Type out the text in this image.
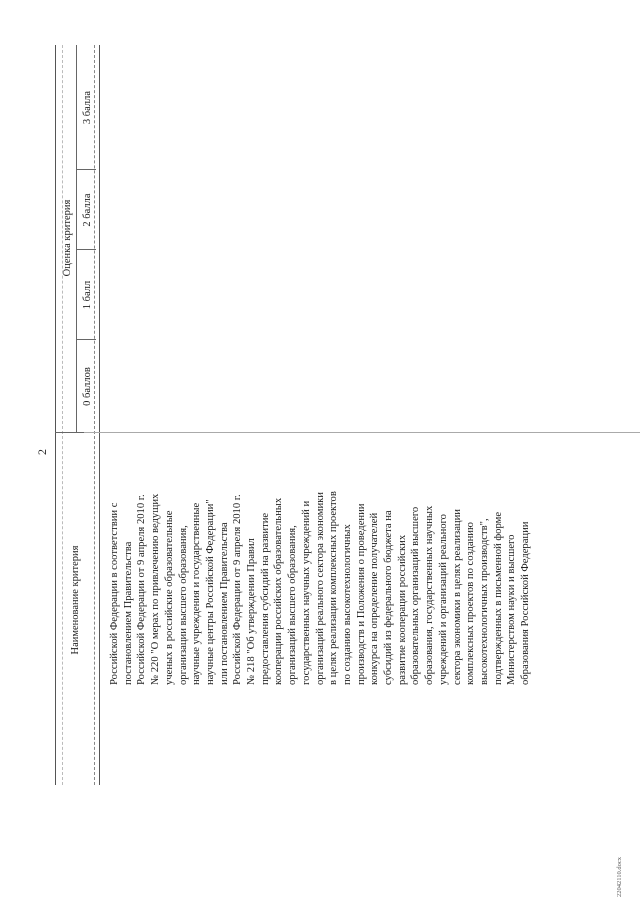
2
Наименование критерия
Оценка критерия
0 баллов
1 балл
2 балла
3 балла
Российской Федерации в соответствии с постановлением Правительства Российской Федерации от 9 апреля 2010 г. № 220 "О мерах по привлечению ведущих ученых в российские образовательные организации высшего образования, научные учреждения и государственные научные центры Российской Федерации" или постановлением Правительства Российской Федерации от 9 апреля 2010 г. № 218 "Об утверждении Правил предоставления субсидий на развитие кооперации российских образовательных организаций высшего образования, государственных научных учреждений и организаций реального сектора экономики в целях реализации комплексных проектов по созданию высокотехнологичных производств и Положения о проведении конкурса на определение получателей субсидий из федерального бюджета на развитие кооперации российских образовательных организаций высшего образования, государственных научных учреждений и организаций реального сектора экономики в целях реализации комплексных проектов по созданию высокотехнологичных производств", подтвержденных в письменной форме Министерством науки и высшего образования Российской Федерации
22042110.docx
